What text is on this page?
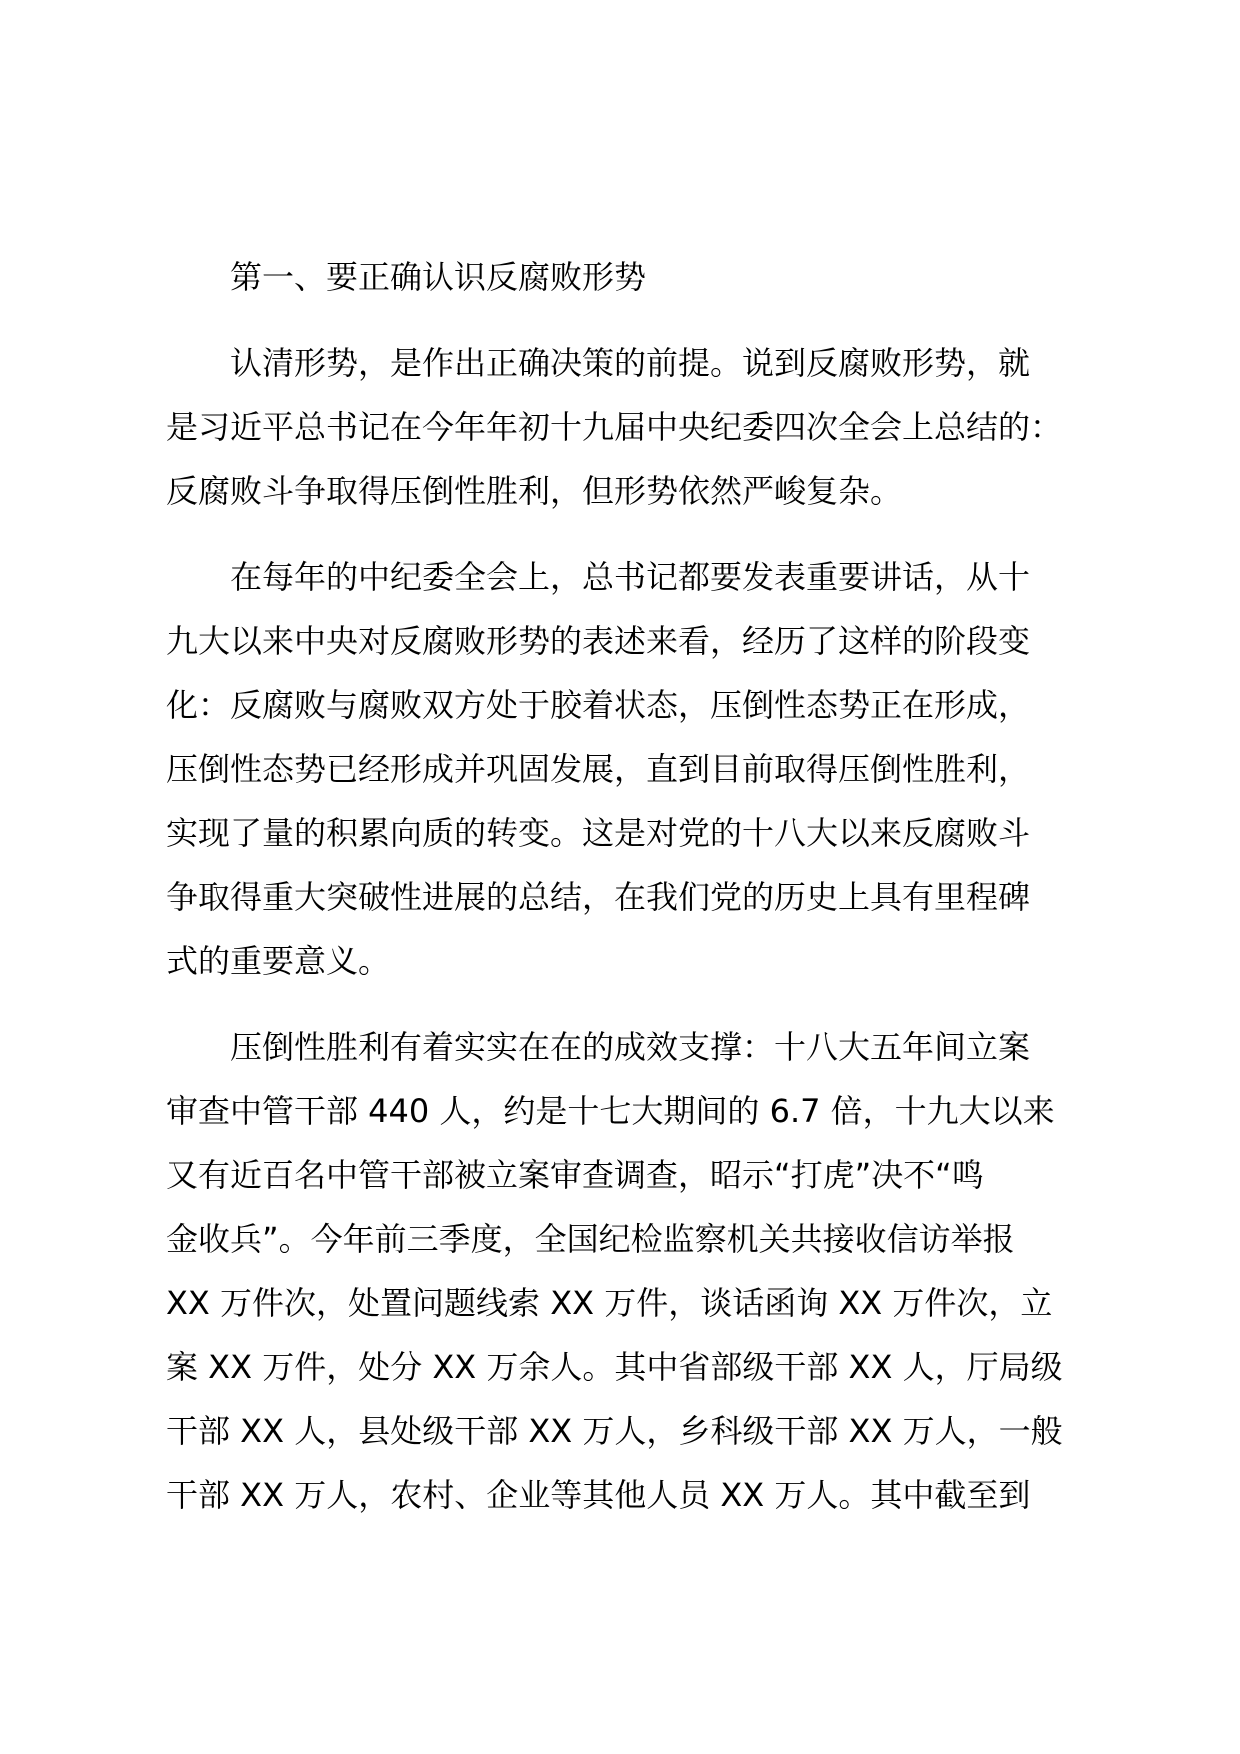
第一、要正确认识反腐败形势
认清形势，是作出正确决策的前提。说到反腐败形势，就
是习近平总书记在今年年初十九届中央纪委四次全会上总结的：
反腐败斗争取得压倒性胜利，但形势依然严峻复杂。
在每年的中纪委全会上，总书记都要发表重要讲话，从十
九大以来中央对反腐败形势的表述来看，经历了这样的阶段变
化：反腐败与腐败双方处于胶着状态，压倒性态势正在形成，
压倒性态势已经形成并巩固发展，直到目前取得压倒性胜利，
实现了量的积累向质的转变。这是对党的十八大以来反腐败斗
争取得重大突破性进展的总结，在我们党的历史上具有里程碑
式的重要意义。
压倒性胜利有着实实在在的成效支撑：十八大五年间立案
审查中管干部 440 人，约是十七大期间的 6.7 倍，十九大以来
又有近百名中管干部被立案审查调查，昭示“打虎”决不“鸣
金收兵”。今年前三季度，全国纪检监察机关共接收信访举报
XX 万件次，处置问题线索 XX 万件，谈话函询 XX 万件次，立
案 XX 万件，处分 XX 万余人。其中省部级干部 XX 人，厅局级
干部 XX 人，县处级干部 XX 万人，乡科级干部 XX 万人，一般
干部 XX 万人，农村、企业等其他人员 XX 万人。其中截至到
